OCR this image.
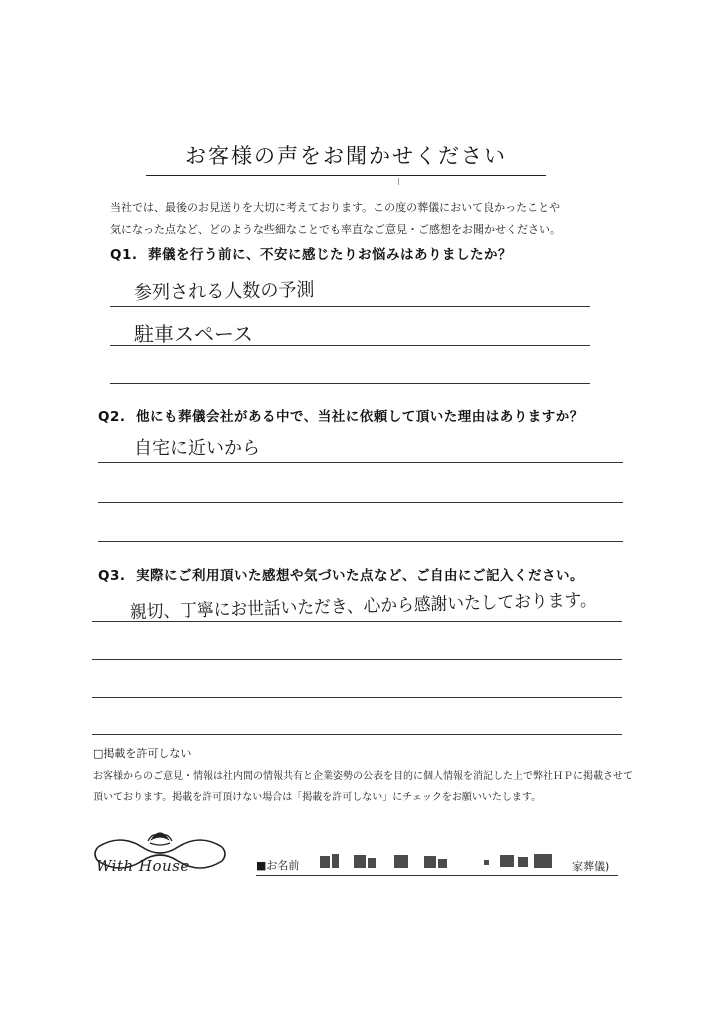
お客様の声をお聞かせください
当社では、最後のお見送りを大切に考えております。この度の葬儀において良かったことや
気になった点など、どのような些細なことでも率直なご意見・ご感想をお聞かせください。
Q1. 葬儀を行う前に、不安に感じたりお悩みはありましたか？
参列される人数の予測
駐車スペース
Q2. 他にも葬儀会社がある中で、当社に依頼して頂いた理由はありますか？
自宅に近いから
Q3. 実際にご利用頂いた感想や気づいた点など、ご自由にご記入ください。
親切、丁寧にお世話いただき、心から感謝いたしております。
□掲載を許可しない
お客様からのご意見・情報は社内間の情報共有と企業姿勢の公表を目的に個人情報を消記した上で弊社ＨＰに掲載させて
頂いております。掲載を許可頂けない場合は「掲載を許可しない」にチェックをお願いいたします。
With House	■お名前	家葬儀)
